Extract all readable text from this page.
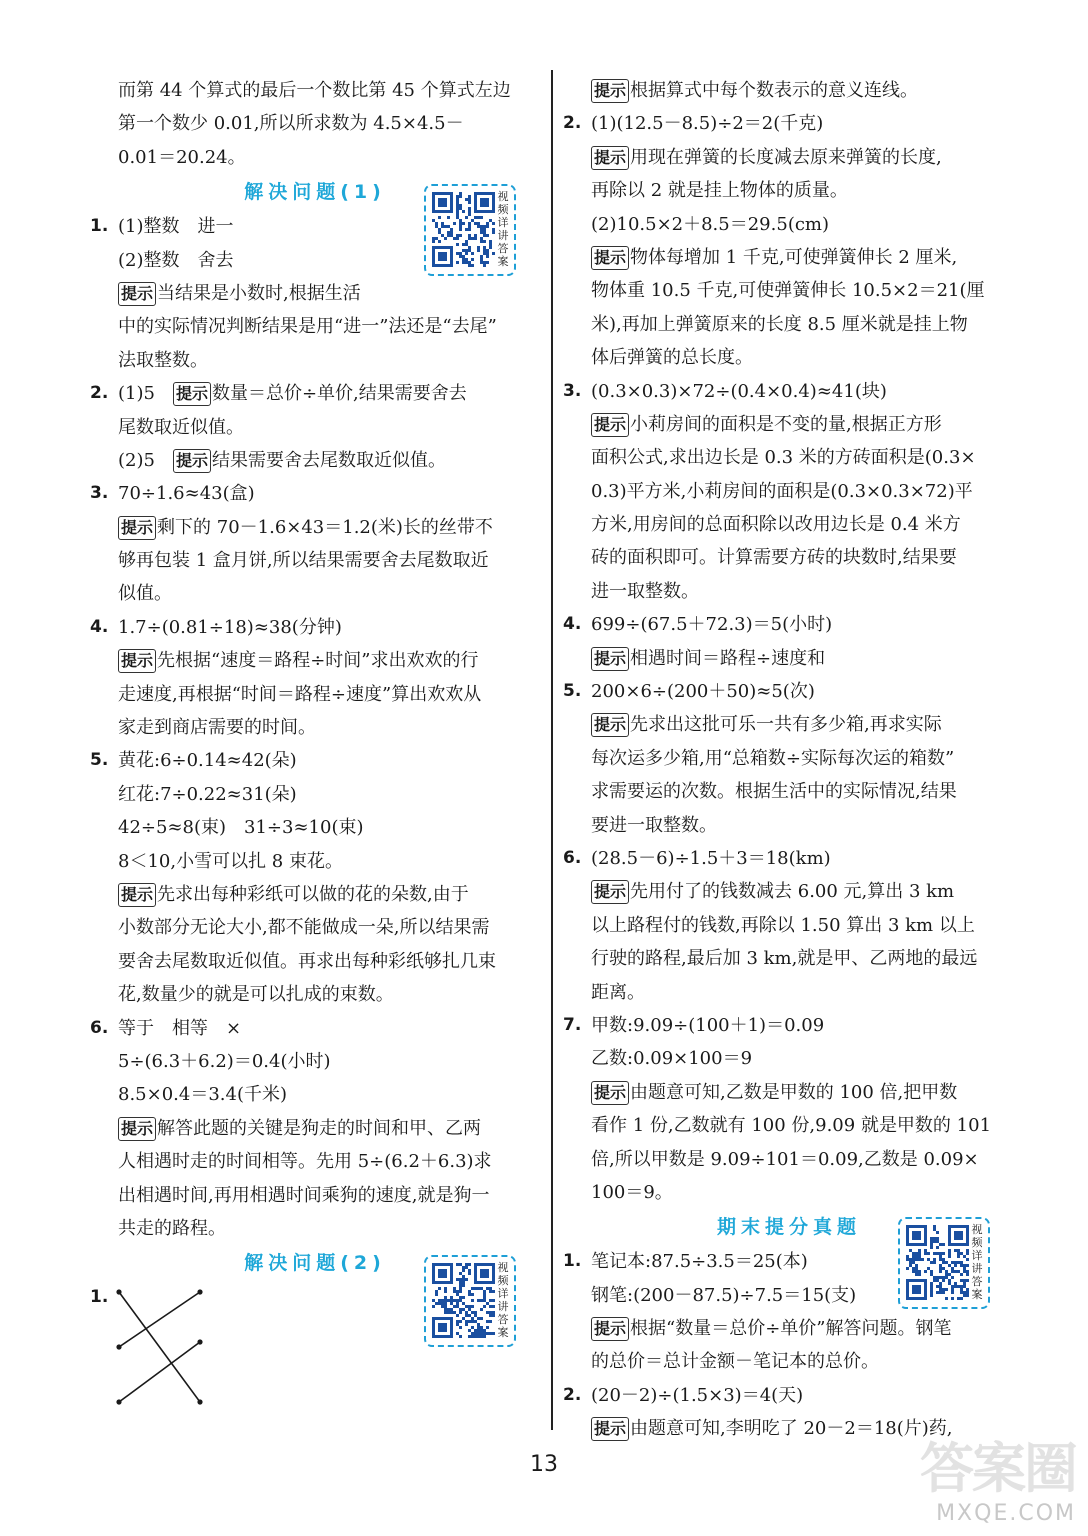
而第 44 个算式的最后一个数比第 45 个算式左边
第一个数少 0.01,所以所求数为 4.5×4.5－
0.01＝20.24。
解决问题(1)
1. (1)整数　进一
(2)整数　舍去
提示 当结果是小数时,根据生活
中的实际情况判断结果是用“进一”法还是“去尾”
法取整数。
2. (1)5　提示 数量＝总价÷单价,结果需要舍去
尾数取近似值。
(2)5　提示 结果需要舍去尾数取近似值。
3. 70÷1.6≈43(盒)
提示 剩下的 70－1.6×43＝1.2(米)长的丝带不
够再包装 1 盒月饼,所以结果需要舍去尾数取近
似值。
4. 1.7÷(0.81÷18)≈38(分钟)
提示 先根据“速度＝路程÷时间”求出欢欢的行
走速度,再根据“时间＝路程÷速度”算出欢欢从
家走到商店需要的时间。
5. 黄花:6÷0.14≈42(朵)
红花:7÷0.22≈31(朵)
42÷5≈8(束)　31÷3≈10(束)
8＜10,小雪可以扎 8 束花。
提示 先求出每种彩纸可以做的花的朵数,由于
小数部分无论大小,都不能做成一朵,所以结果需
要舍去尾数取近似值。再求出每种彩纸够扎几束
花,数量少的就是可以扎成的束数。
6. 等于　相等　×
5÷(6.3＋6.2)＝0.4(小时)
8.5×0.4＝3.4(千米)
提示 解答此题的关键是狗走的时间和甲、乙两
人相遇时走的时间相等。先用 5÷(6.2＋6.3)求
出相遇时间,再用相遇时间乘狗的速度,就是狗一
共走的路程。
解决问题(2)
1.
提示 根据算式中每个数表示的意义连线。
2. (1)(12.5－8.5)÷2＝2(千克)
提示 用现在弹簧的长度减去原来弹簧的长度,
再除以 2 就是挂上物体的质量。
(2)10.5×2＋8.5＝29.5(cm)
提示 物体每增加 1 千克,可使弹簧伸长 2 厘米,
物体重 10.5 千克,可使弹簧伸长 10.5×2＝21(厘
米),再加上弹簧原来的长度 8.5 厘米就是挂上物
体后弹簧的总长度。
3. (0.3×0.3)×72÷(0.4×0.4)≈41(块)
提示 小莉房间的面积是不变的量,根据正方形
面积公式,求出边长是 0.3 米的方砖面积是(0.3×
0.3)平方米,小莉房间的面积是(0.3×0.3×72)平
方米,用房间的总面积除以改用边长是 0.4 米方
砖的面积即可。计算需要方砖的块数时,结果要
进一取整数。
4. 699÷(67.5＋72.3)＝5(小时)
提示 相遇时间＝路程÷速度和
5. 200×6÷(200＋50)≈5(次)
提示 先求出这批可乐一共有多少箱,再求实际
每次运多少箱,用“总箱数÷实际每次运的箱数”
求需要运的次数。根据生活中的实际情况,结果
要进一取整数。
6. (28.5－6)÷1.5＋3＝18(km)
提示 先用付了的钱数减去 6.00 元,算出 3 km
以上路程付的钱数,再除以 1.50 算出 3 km 以上
行驶的路程,最后加 3 km,就是甲、乙两地的最远
距离。
7. 甲数:9.09÷(100＋1)＝0.09
乙数:0.09×100＝9
提示 由题意可知,乙数是甲数的 100 倍,把甲数
看作 1 份,乙数就有 100 份,9.09 就是甲数的 101
倍,所以甲数是 9.09÷101＝0.09,乙数是 0.09×
100＝9。
期末提分真题
1. 笔记本:87.5÷3.5＝25(本)
钢笔:(200－87.5)÷7.5＝15(支)
提示 根据“数量＝总价÷单价”解答问题。钢笔
的总价＝总计金额－笔记本的总价。
2. (20－2)÷(1.5×3)＝4(天)
提示 由题意可知,李明吃了 20－2＝18(片)药,
视频详讲答案
视频详讲答案
视频详讲答案
13	答案圈
MXQE.COM
